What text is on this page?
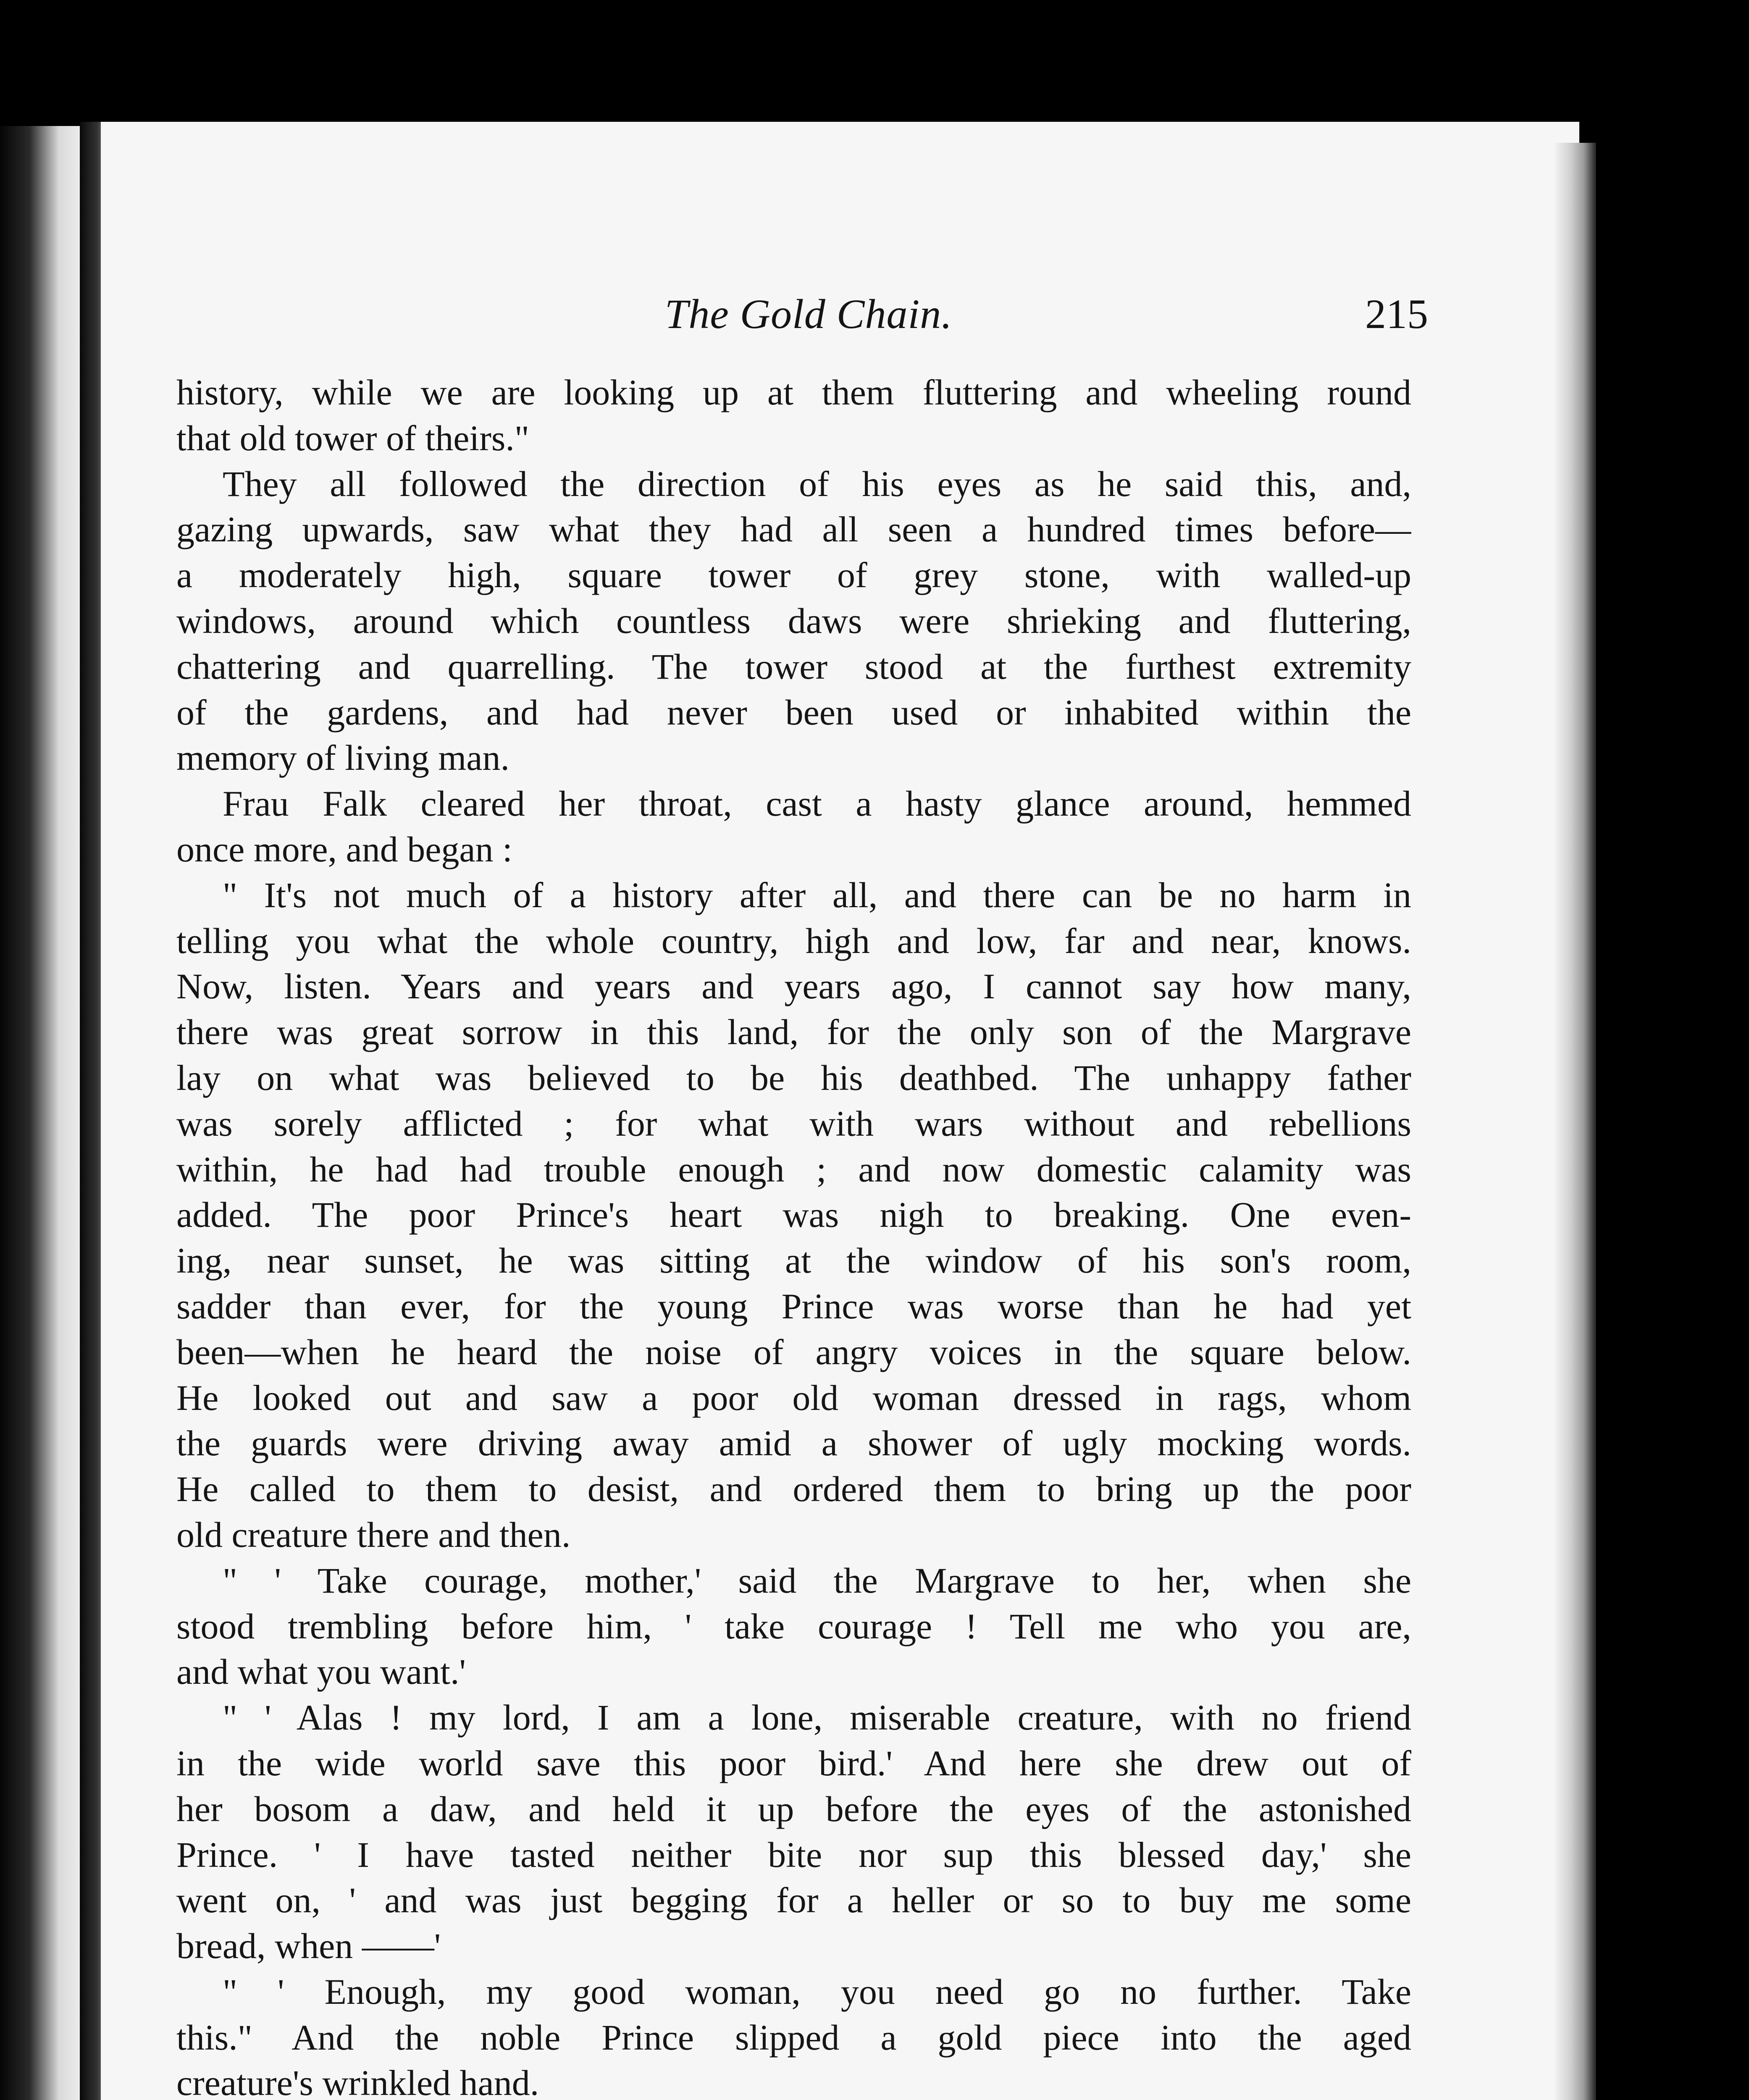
The Gold Chain.	215
history, while we are looking up at them fluttering and wheeling round
that old tower of theirs."
They all followed the direction of his eyes as he said this, and,
gazing upwards, saw what they had all seen a hundred times before—
a moderately high, square tower of grey stone, with walled-up
windows, around which countless daws were shrieking and fluttering,
chattering and quarrelling. The tower stood at the furthest extremity
of the gardens, and had never been used or inhabited within the
memory of living man.
Frau Falk cleared her throat, cast a hasty glance around, hemmed
once more, and began :
" It's not much of a history after all, and there can be no harm in
telling you what the whole country, high and low, far and near, knows.
Now, listen. Years and years and years ago, I cannot say how many,
there was great sorrow in this land, for the only son of the Margrave
lay on what was believed to be his deathbed. The unhappy father
was sorely afflicted ; for what with wars without and rebellions
within, he had had trouble enough ; and now domestic calamity was
added. The poor Prince's heart was nigh to breaking. One even-
ing, near sunset, he was sitting at the window of his son's room,
sadder than ever, for the young Prince was worse than he had yet
been—when he heard the noise of angry voices in the square below.
He looked out and saw a poor old woman dressed in rags, whom
the guards were driving away amid a shower of ugly mocking words.
He called to them to desist, and ordered them to bring up the poor
old creature there and then.
" ' Take courage, mother,' said the Margrave to her, when she
stood trembling before him, ' take courage ! Tell me who you are,
and what you want.'
" ' Alas ! my lord, I am a lone, miserable creature, with no friend
in the wide world save this poor bird.' And here she drew out of
her bosom a daw, and held it up before the eyes of the astonished
Prince. ' I have tasted neither bite nor sup this blessed day,' she
went on, ' and was just begging for a heller or so to buy me some
bread, when ——'
" ' Enough, my good woman, you need go no further. Take
this." And the noble Prince slipped a gold piece into the aged
creature's wrinkled hand.
